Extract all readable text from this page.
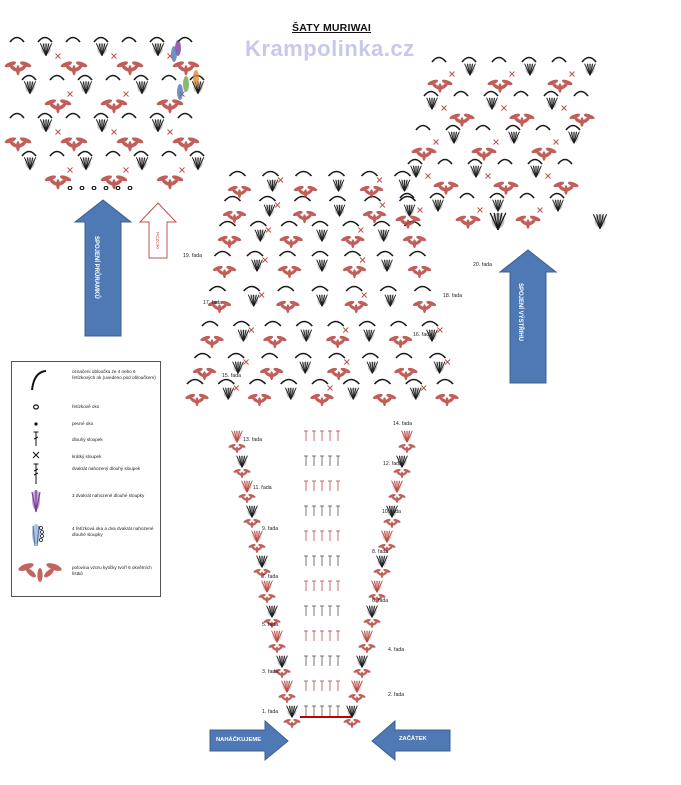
ŠATY MURIWAI
Krampolinka.cz
1. řada
2. řada
3. řada
4. řada
5. řada
6. řada
7. řada
8. řada
9. řada
10. řada
11. řada
12. řada
13. řada
14. řada
15. řada
16. řada
17. řada
18. řada
19. řada
20. řada
SPOJENÍ PRŮRAMKŮ
SPOJENÍ VÝSTŘIHU
POZOR!
NAHÁČKUJEME	ZAČÁTEK
označení obloučku ze 4 nebo 6 řetízkových ok (uvedeno pod obloučkem)
řetízkové oko
pevné oko
dlouhý sloupek
krátký sloupek
dvakrát nahozený dlouhý sloupek
3 dvakrát nahozené dlouhé sloupky
4 řetízková oka a dva dvakrát nahozené dlouhé sloupky
polovina vzoru kytičky tvoří 6 okvětních lístků
